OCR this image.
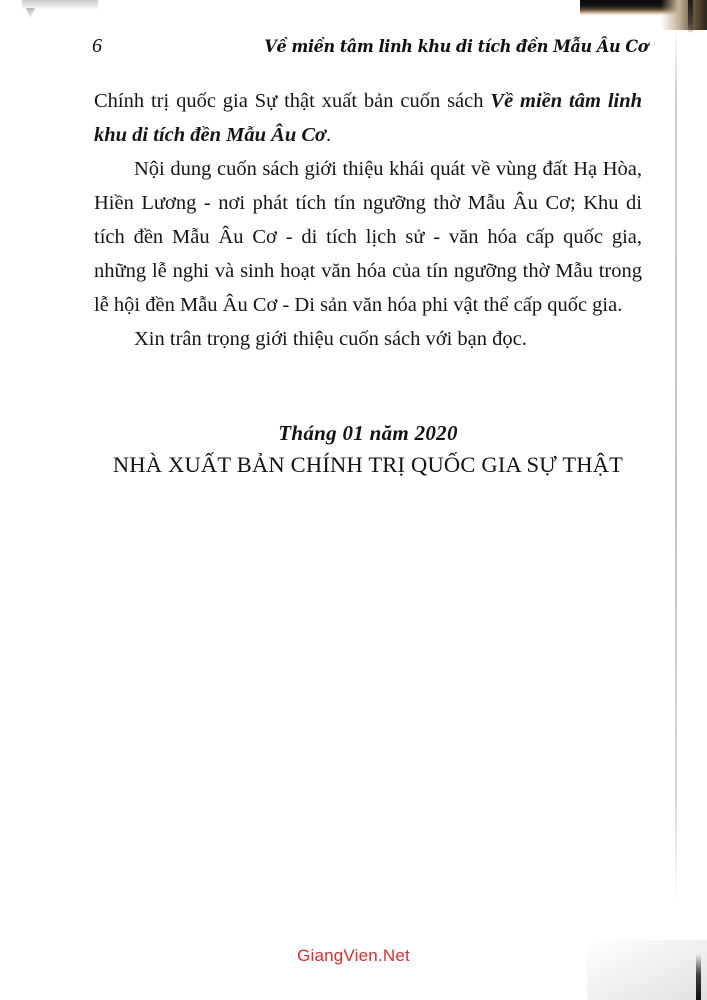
6	Về miền tâm linh khu di tích đền Mẫu Âu Cơ

Chính trị quốc gia Sự thật xuất bản cuốn sách Về miền tâm linh khu di tích đền Mẫu Âu Cơ.

Nội dung cuốn sách giới thiệu khái quát về vùng đất Hạ Hòa, Hiền Lương - nơi phát tích tín ngưỡng thờ Mẫu Âu Cơ; Khu di tích đền Mẫu Âu Cơ - di tích lịch sử - văn hóa cấp quốc gia, những lễ nghi và sinh hoạt văn hóa của tín ngưỡng thờ Mẫu trong lễ hội đền Mẫu Âu Cơ - Di sản văn hóa phi vật thể cấp quốc gia.

Xin trân trọng giới thiệu cuốn sách với bạn đọc.

Tháng 01 năm 2020
NHÀ XUẤT BẢN CHÍNH TRỊ QUỐC GIA SỰ THẬT
GiangVien.Net
